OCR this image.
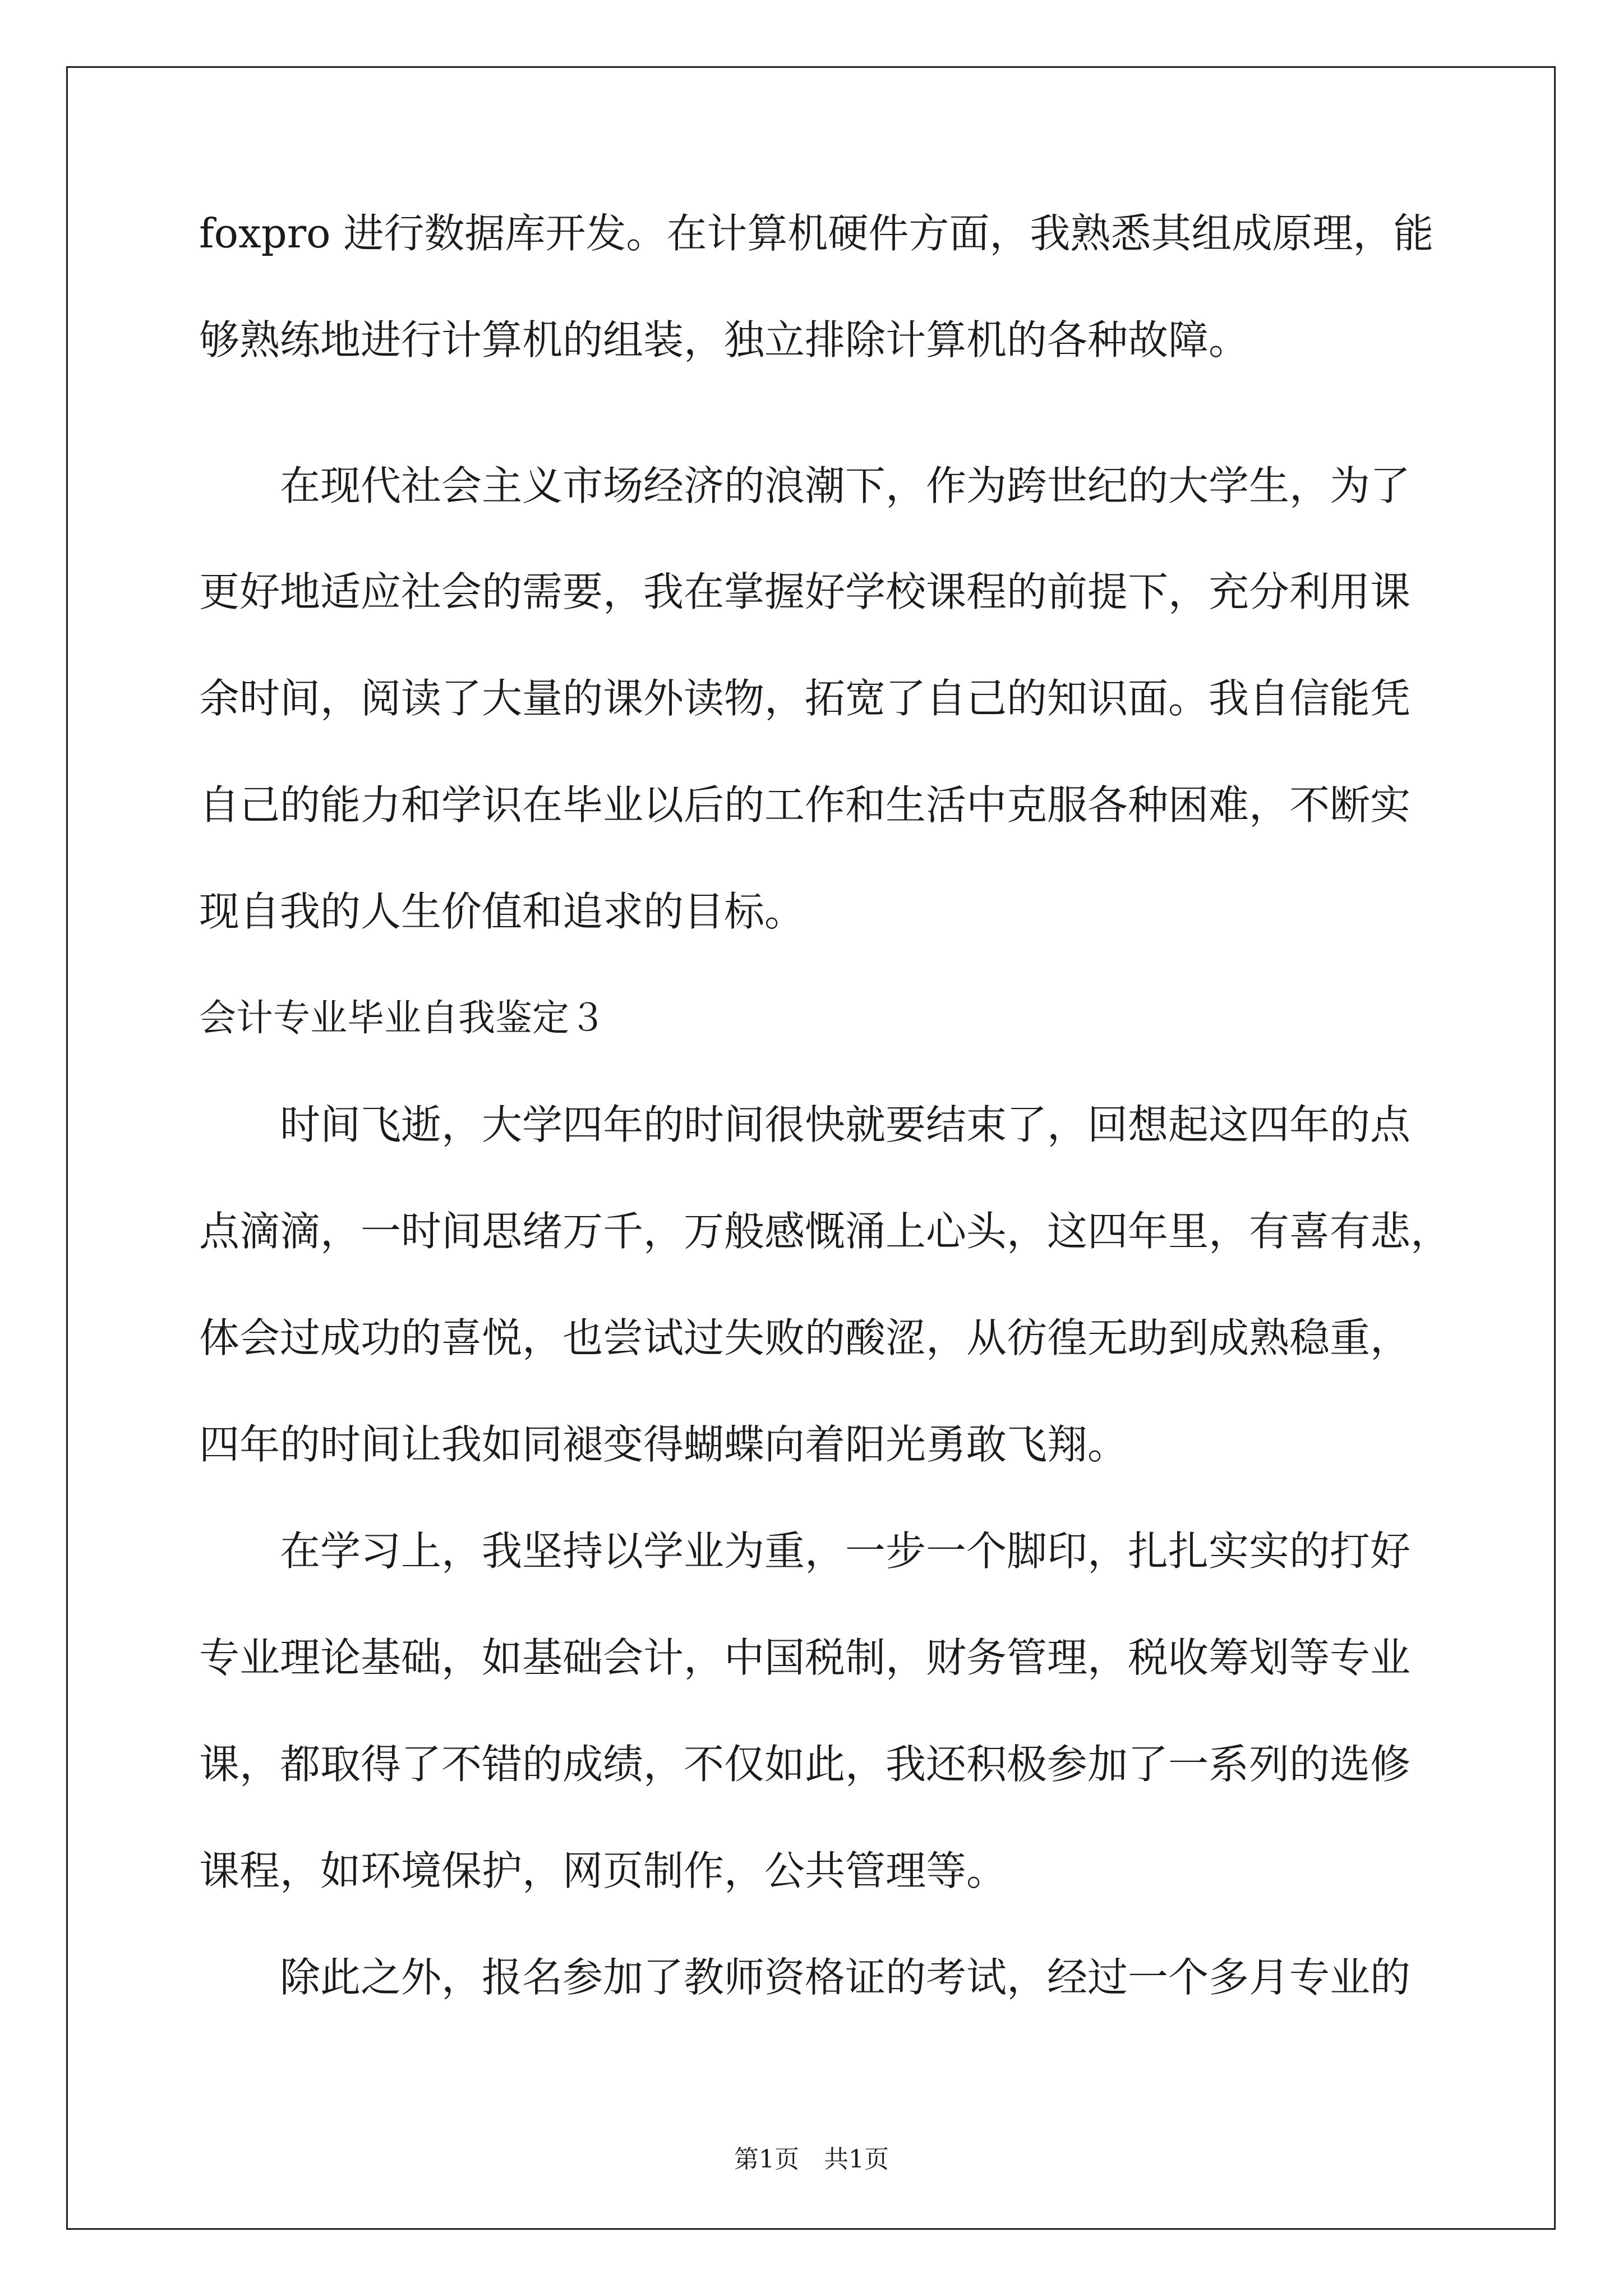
foxpro 进行数据库开发。在计算机硬件方面，我熟悉其组成原理，能
够熟练地进行计算机的组装，独立排除计算机的各种故障。
在现代社会主义市场经济的浪潮下，作为跨世纪的大学生，为了
更好地适应社会的需要，我在掌握好学校课程的前提下，充分利用课
余时间，阅读了大量的课外读物，拓宽了自己的知识面。我自信能凭
自己的能力和学识在毕业以后的工作和生活中克服各种困难，不断实
现自我的人生价值和追求的目标。
会计专业毕业自我鉴定３
时间飞逝，大学四年的时间很快就要结束了，回想起这四年的点
点滴滴，一时间思绪万千，万般感慨涌上心头，这四年里，有喜有悲，
体会过成功的喜悦，也尝试过失败的酸涩，从彷徨无助到成熟稳重，
四年的时间让我如同褪变得蝴蝶向着阳光勇敢飞翔。
在学习上，我坚持以学业为重，一步一个脚印，扎扎实实的打好
专业理论基础，如基础会计，中国税制，财务管理，税收筹划等专业
课，都取得了不错的成绩，不仅如此，我还积极参加了一系列的选修
课程，如环境保护，网页制作，公共管理等。
除此之外，报名参加了教师资格证的考试，经过一个多月专业的
第1页 共1页
